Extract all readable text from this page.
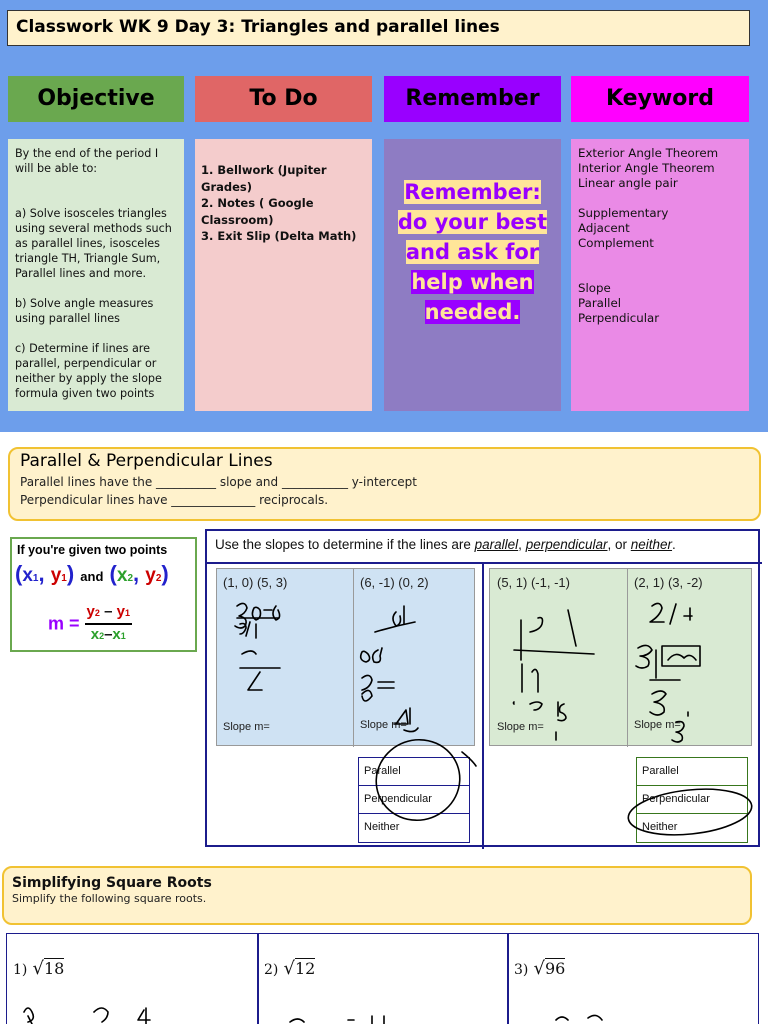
Classwork WK 9 Day 3: Triangles and parallel lines
Objective	To Do	Remember	Keyword

By the end of the period I

will be able to:

a) Solve isosceles triangles

using several methods such

as parallel lines, isosceles

triangle TH, Triangle Sum,

Parallel lines and more.

b) Solve angle measures

using parallel lines

c) Determine if lines are

parallel, perpendicular or

neither by apply the slope

formula given two points

1. Bellwork (Jupiter Grades)
2. Notes ( Google Classroom)
3. Exit Slip (Delta Math)
Remember:
do your best
and ask for
help when
needed.
Exterior Angle Theorem
Interior Angle Theorem
Linear angle pair
Supplementary
Adjacent
Complement
Slope
Parallel
Perpendicular
Parallel & Perpendicular Lines
Parallel lines have the __________ slope and ___________ y-intercept
Perpendicular lines have ______________ reciprocals.
If you're given two points
(x1, y1) and (x2, y2)
$m = \frac{y2 - y1}{x2-x1}$
Use the slopes to determine if the lines are parallel, perpendicular, or neither.
(1, 0) (5, 3)	(6, -1) (0, 2)
Slope m=	Slope m=
(5, 1) (-1, -1)	(2, 1) (3, -2)
Slope m=	Slope m=
Parallel
Perpendicular
Neither
Parallel
Perpendicular
Neither
Simplifying Square Roots
Simplify the following square roots.
1) √18	2) √12	3) √96
